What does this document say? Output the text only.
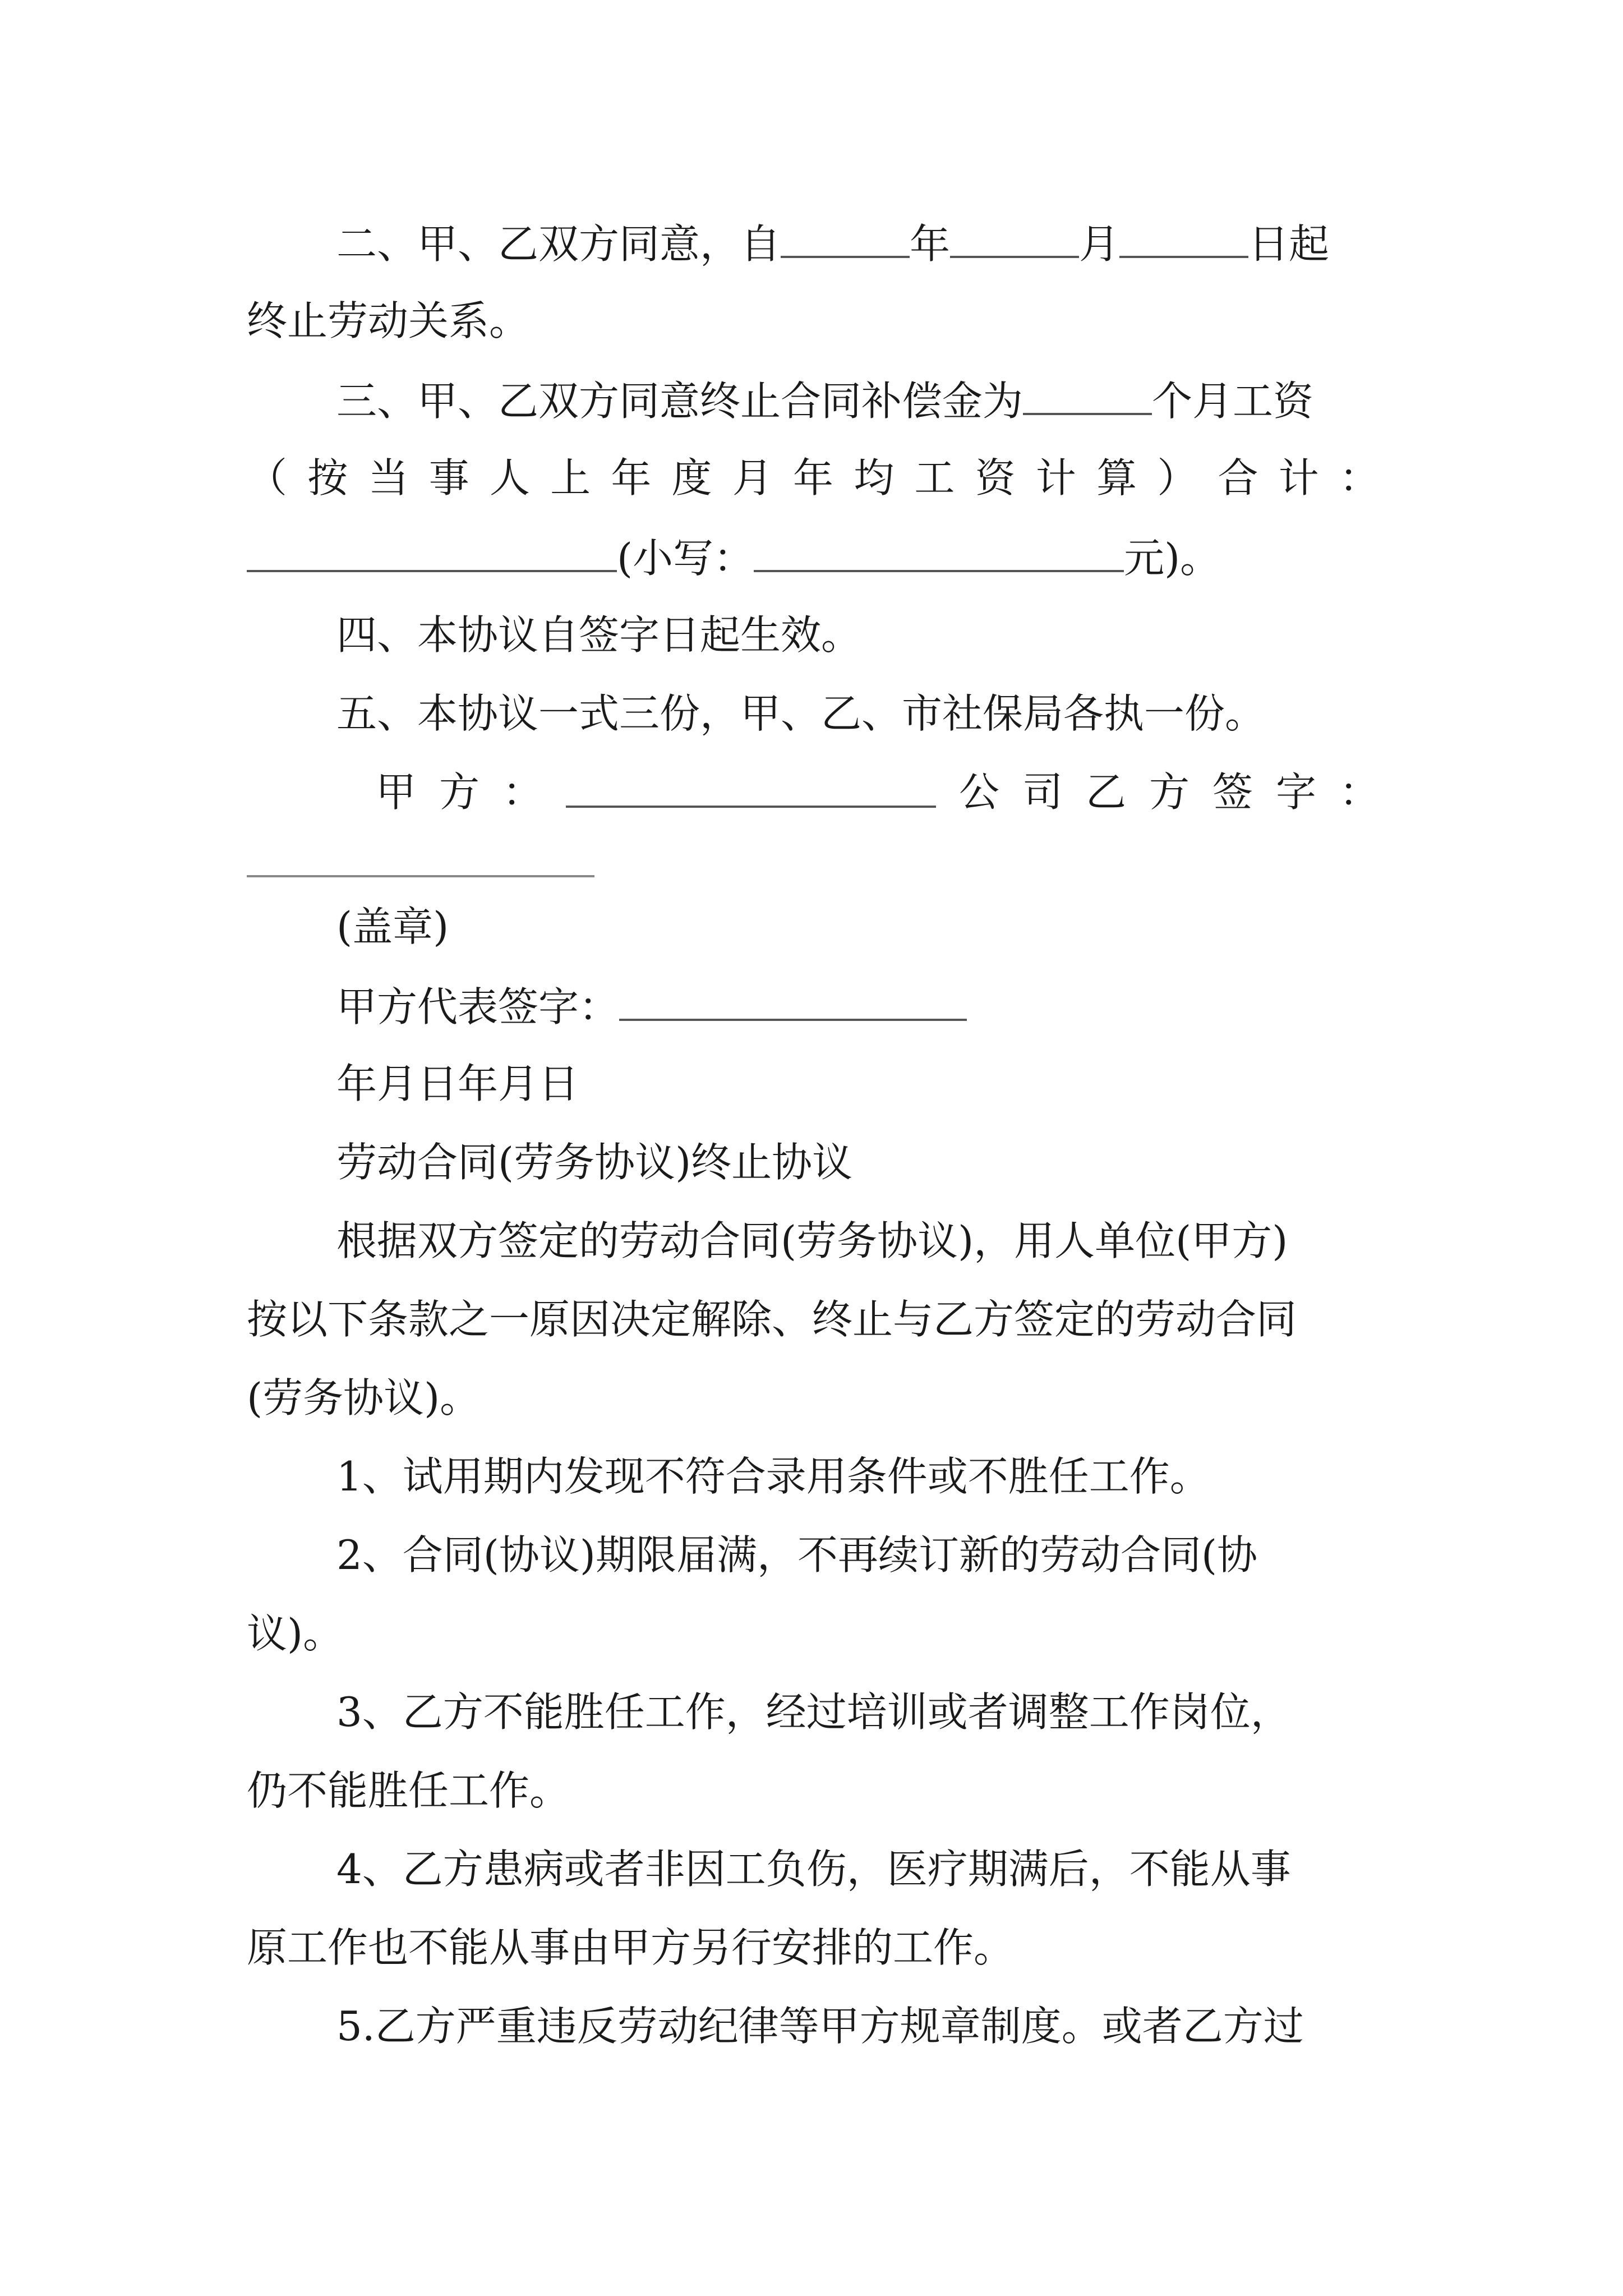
二、甲、乙双方同意，自	年	月	日起
终止劳动关系。
三、甲、乙双方同意终止合同补偿金为	个月工资
（ 按 当 事 人 上 年 度 月 年 均 工 资 计 算 ） 合 计 ：
(小写：	元)。
四、本协议自签字日起生效。
五、本协议一式三份，甲、乙、市社保局各执一份。
甲 方 ：	公 司 乙 方 签 字 ：
(盖章)
甲方代表签字：
年月日年月日
劳动合同(劳务协议)终止协议
根据双方签定的劳动合同(劳务协议)，用人单位(甲方)
按以下条款之一原因决定解除、终止与乙方签定的劳动合同
(劳务协议)。
1、试用期内发现不符合录用条件或不胜任工作。
2、合同(协议)期限届满，不再续订新的劳动合同(协
议)。
3、乙方不能胜任工作，经过培训或者调整工作岗位，
仍不能胜任工作。
4、乙方患病或者非因工负伤，医疗期满后，不能从事
原工作也不能从事由甲方另行安排的工作。
5.乙方严重违反劳动纪律等甲方规章制度。或者乙方过
